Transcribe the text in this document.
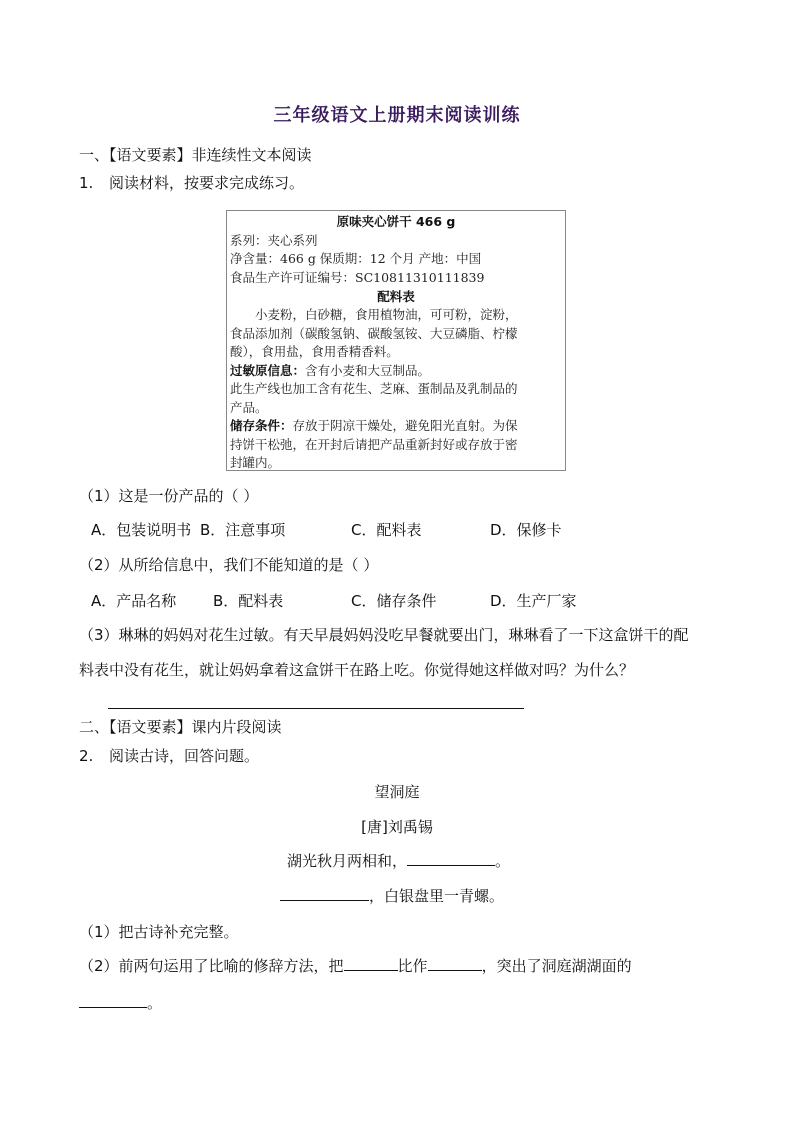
三年级语文上册期末阅读训练
一、【语文要素】非连续性文本阅读
1. 阅读材料，按要求完成练习。
原味夹心饼干 466 g
系列：夹心系列
净含量：466 g 保质期：12 个月 产地：中国
食品生产许可证编号：SC10811310111839
配料表
小麦粉，白砂糖，食用植物油，可可粉，淀粉，
食品添加剂（碳酸氢钠、碳酸氢铵、大豆磷脂、柠檬
酸），食用盐，食用香精香料。
过敏原信息：含有小麦和大豆制品。
此生产线也加工含有花生、芝麻、蛋制品及乳制品的
产品。
储存条件：存放于阴凉干燥处，避免阳光直射。为保
持饼干松弛，在开封后请把产品重新封好或存放于密
封罐内。
（1）这是一份产品的（ ）
A．包装说明书 B．注意事项	C．配料表	D．保修卡
（2）从所给信息中，我们不能知道的是（ ）
A．产品名称 B．配料表	C．储存条件	D．生产厂家
（3）琳琳的妈妈对花生过敏。有天早晨妈妈没吃早餐就要出门，琳琳看了一下这盒饼干的配
料表中没有花生，就让妈妈拿着这盒饼干在路上吃。你觉得她这样做对吗？为什么？
二、【语文要素】课内片段阅读
2. 阅读古诗，回答问题。
望洞庭
[唐]刘禹锡
湖光秋月两相和，	。
，白银盘里一青螺。
（1）把古诗补充完整。
（2）前两句运用了比喻的修辞方法，把	比作	，突出了洞庭湖湖面的
。
